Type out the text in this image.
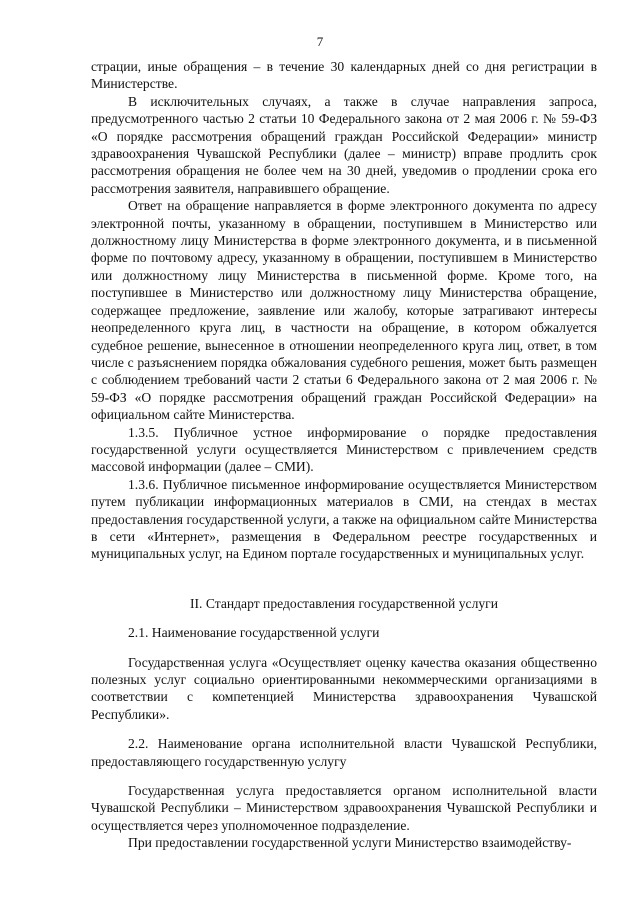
7

страции, иные обращения – в течение 30 календарных дней со дня регистрации в Министерстве.

В исключительных случаях, а также в случае направления запроса, предусмотренного частью 2 статьи 10 Федерального закона от 2 мая 2006 г. № 59-ФЗ «О порядке рассмотрения обращений граждан Российской Федерации» министр здравоохранения Чувашской Республики (далее – министр) вправе продлить срок рассмотрения обращения не более чем на 30 дней, уведомив о продлении срока его рассмотрения заявителя, направившего обращение.

Ответ на обращение направляется в форме электронного документа по адресу электронной почты, указанному в обращении, поступившем в Министерство или должностному лицу Министерства в форме электронного документа, и в письменной форме по почтовому адресу, указанному в обращении, поступившем в Министерство или должностному лицу Министерства в письменной форме. Кроме того, на поступившее в Министерство или должностному лицу Министерства обращение, содержащее предложение, заявление или жалобу, которые затрагивают интересы неопределенного круга лиц, в частности на обращение, в котором обжалуется судебное решение, вынесенное в отношении неопределенного круга лиц, ответ, в том числе с разъяснением порядка обжалования судебного решения, может быть размещен с соблюдением требований части 2 статьи 6 Федерального закона от 2 мая 2006 г. № 59-ФЗ «О порядке рассмотрения обращений граждан Российской Федерации» на официальном сайте Министерства.

1.3.5. Публичное устное информирование о порядке предоставления государственной услуги осуществляется Министерством с привлечением средств массовой информации (далее – СМИ).

1.3.6. Публичное письменное информирование осуществляется Министерством путем публикации информационных материалов в СМИ, на стендах в местах предоставления государственной услуги, а также на официальном сайте Министерства в сети «Интернет», размещения в Федеральном реестре государственных и муниципальных услуг, на Едином портале государственных и муниципальных услуг.

II. Стандарт предоставления государственной услуги

2.1. Наименование государственной услуги

Государственная услуга «Осуществляет оценку качества оказания общественно полезных услуг социально ориентированными некоммерческими организациями в соответствии с компетенцией Министерства здравоохранения Чувашской Республики».

2.2. Наименование органа исполнительной власти Чувашской Республики, предоставляющего государственную услугу

Государственная услуга предоставляется органом исполнительной власти Чувашской Республики – Министерством здравоохранения Чувашской Республики и осуществляется через уполномоченное подразделение.

При предоставлении государственной услуги Министерство взаимодейству-
